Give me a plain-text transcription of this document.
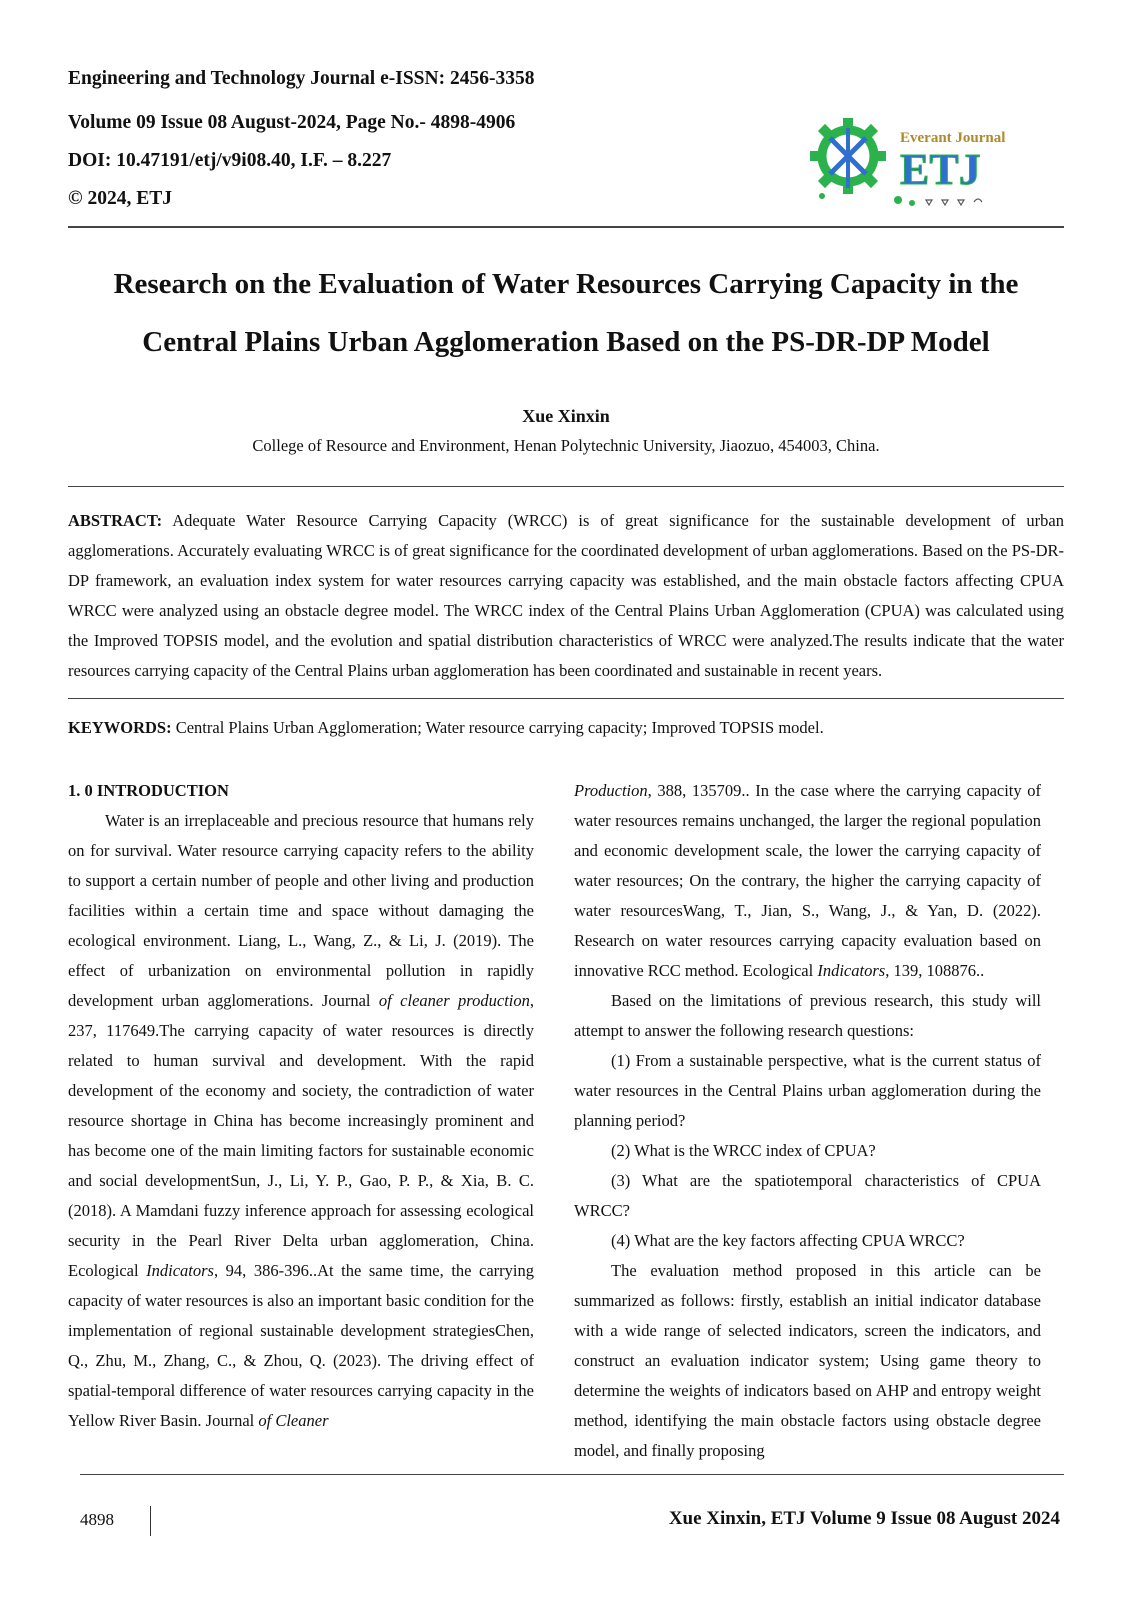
Engineering and Technology Journal e-ISSN: 2456-3358
Volume 09 Issue 08 August-2024, Page No.- 4898-4906
DOI: 10.47191/etj/v9i08.40, I.F. – 8.227
© 2024, ETJ
Everant Journal
ETJ
Research on the Evaluation of Water Resources Carrying Capacity in the
Central Plains Urban Agglomeration Based on the PS-DR-DP Model
Xue Xinxin
College of Resource and Environment, Henan Polytechnic University, Jiaozuo, 454003, China.
ABSTRACT: Adequate Water Resource Carrying Capacity (WRCC) is of great significance for the sustainable development of urban agglomerations. Accurately evaluating WRCC is of great significance for the coordinated development of urban agglomerations. Based on the PS-DR-DP framework, an evaluation index system for water resources carrying capacity was established, and the main obstacle factors affecting CPUA WRCC were analyzed using an obstacle degree model. The WRCC index of the Central Plains Urban Agglomeration (CPUA) was calculated using the Improved TOPSIS model, and the evolution and spatial distribution characteristics of WRCC were analyzed.The results indicate that the water resources carrying capacity of the Central Plains urban agglomeration has been coordinated and sustainable in recent years.
KEYWORDS: Central Plains Urban Agglomeration; Water resource carrying capacity; Improved TOPSIS model.

1. 0 INTRODUCTION

Water is an irreplaceable and precious resource that humans rely on for survival. Water resource carrying capacity refers to the ability to support a certain number of people and other living and production facilities within a certain time and space without damaging the ecological environment. Liang, L., Wang, Z., & Li, J. (2019). The effect of urbanization on environmental pollution in rapidly development urban agglomerations. Journal of cleaner production, 237, 117649.The carrying capacity of water resources is directly related to human survival and development. With the rapid development of the economy and society, the contradiction of water resource shortage in China has become increasingly prominent and has become one of the main limiting factors for sustainable economic and social developmentSun, J., Li, Y. P., Gao, P. P., & Xia, B. C. (2018). A Mamdani fuzzy inference approach for assessing ecological security in the Pearl River Delta urban agglomeration, China. Ecological Indicators, 94, 386-396..At the same time, the carrying capacity of water resources is also an important basic condition for the implementation of regional sustainable development strategiesChen, Q., Zhu, M., Zhang, C., & Zhou, Q. (2023). The driving effect of spatial-temporal difference of water resources carrying capacity in the Yellow River Basin. Journal of Cleaner

Production, 388, 135709.. In the case where the carrying capacity of water resources remains unchanged, the larger the regional population and economic development scale, the lower the carrying capacity of water resources; On the contrary, the higher the carrying capacity of water resourcesWang, T., Jian, S., Wang, J., & Yan, D. (2022). Research on water resources carrying capacity evaluation based on innovative RCC method. Ecological Indicators, 139, 108876..

Based on the limitations of previous research, this study will attempt to answer the following research questions:

(1) From a sustainable perspective, what is the current status of water resources in the Central Plains urban agglomeration during the planning period?

(2) What is the WRCC index of CPUA?

(3) What are the spatiotemporal characteristics of CPUA WRCC?

(4) What are the key factors affecting CPUA WRCC?

The evaluation method proposed in this article can be summarized as follows: firstly, establish an initial indicator database with a wide range of selected indicators, screen the indicators, and construct an evaluation indicator system; Using game theory to determine the weights of indicators based on AHP and entropy weight method, identifying the main obstacle factors using obstacle degree model, and finally proposing

4898	Xue Xinxin, ETJ Volume 9 Issue 08 August 2024
